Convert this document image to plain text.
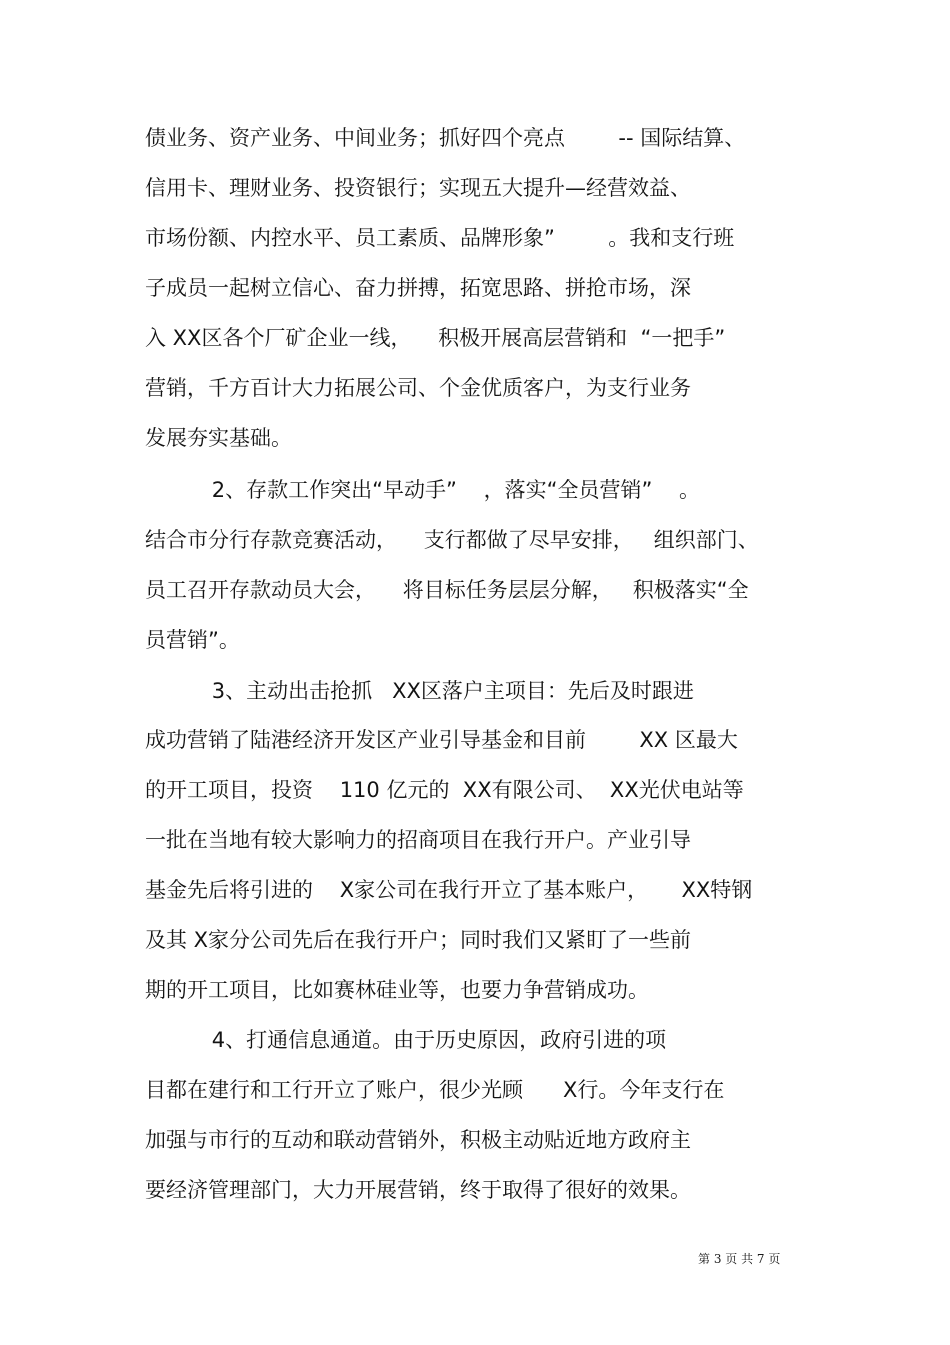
债业务、资产业务、中间业务；抓好四个亮点        -- 国际结算、
信用卡、理财业务、投资银行；实现五大提升—经营效益、
市场份额、内控水平、员工素质、品牌形象”        。我和支行班
子成员一起树立信心、奋力拼搏，拓宽思路、拼抢市场，深
入 XX区各个厂矿企业一线，    积极开展高层营销和  “一把手”
营销，千方百计大力拓展公司、个金优质客户，为支行业务
发展夯实基础。
2、存款工作突出“早动手”    ，落实“全员营销”    。
结合市分行存款竞赛活动，    支行都做了尽早安排，   组织部门、
员工召开存款动员大会，    将目标任务层层分解，   积极落实“全
员营销”。
3、主动出击抢抓   XX区落户主项目：先后及时跟进
成功营销了陆港经济开发区产业引导基金和目前        XX 区最大
的开工项目，投资    110 亿元的  XX有限公司、  XX光伏电站等
一批在当地有较大影响力的招商项目在我行开户。产业引导
基金先后将引进的    X家公司在我行开立了基本账户，     XX特钢
及其 X家分公司先后在我行开户；同时我们又紧盯了一些前
期的开工项目，比如赛林硅业等，也要力争营销成功。
4、打通信息通道。由于历史原因，政府引进的项
目都在建行和工行开立了账户，很少光顾      X行。今年支行在
加强与市行的互动和联动营销外，积极主动贴近地方政府主
要经济管理部门，大力开展营销，终于取得了很好的效果。
第 3 页 共 7 页
